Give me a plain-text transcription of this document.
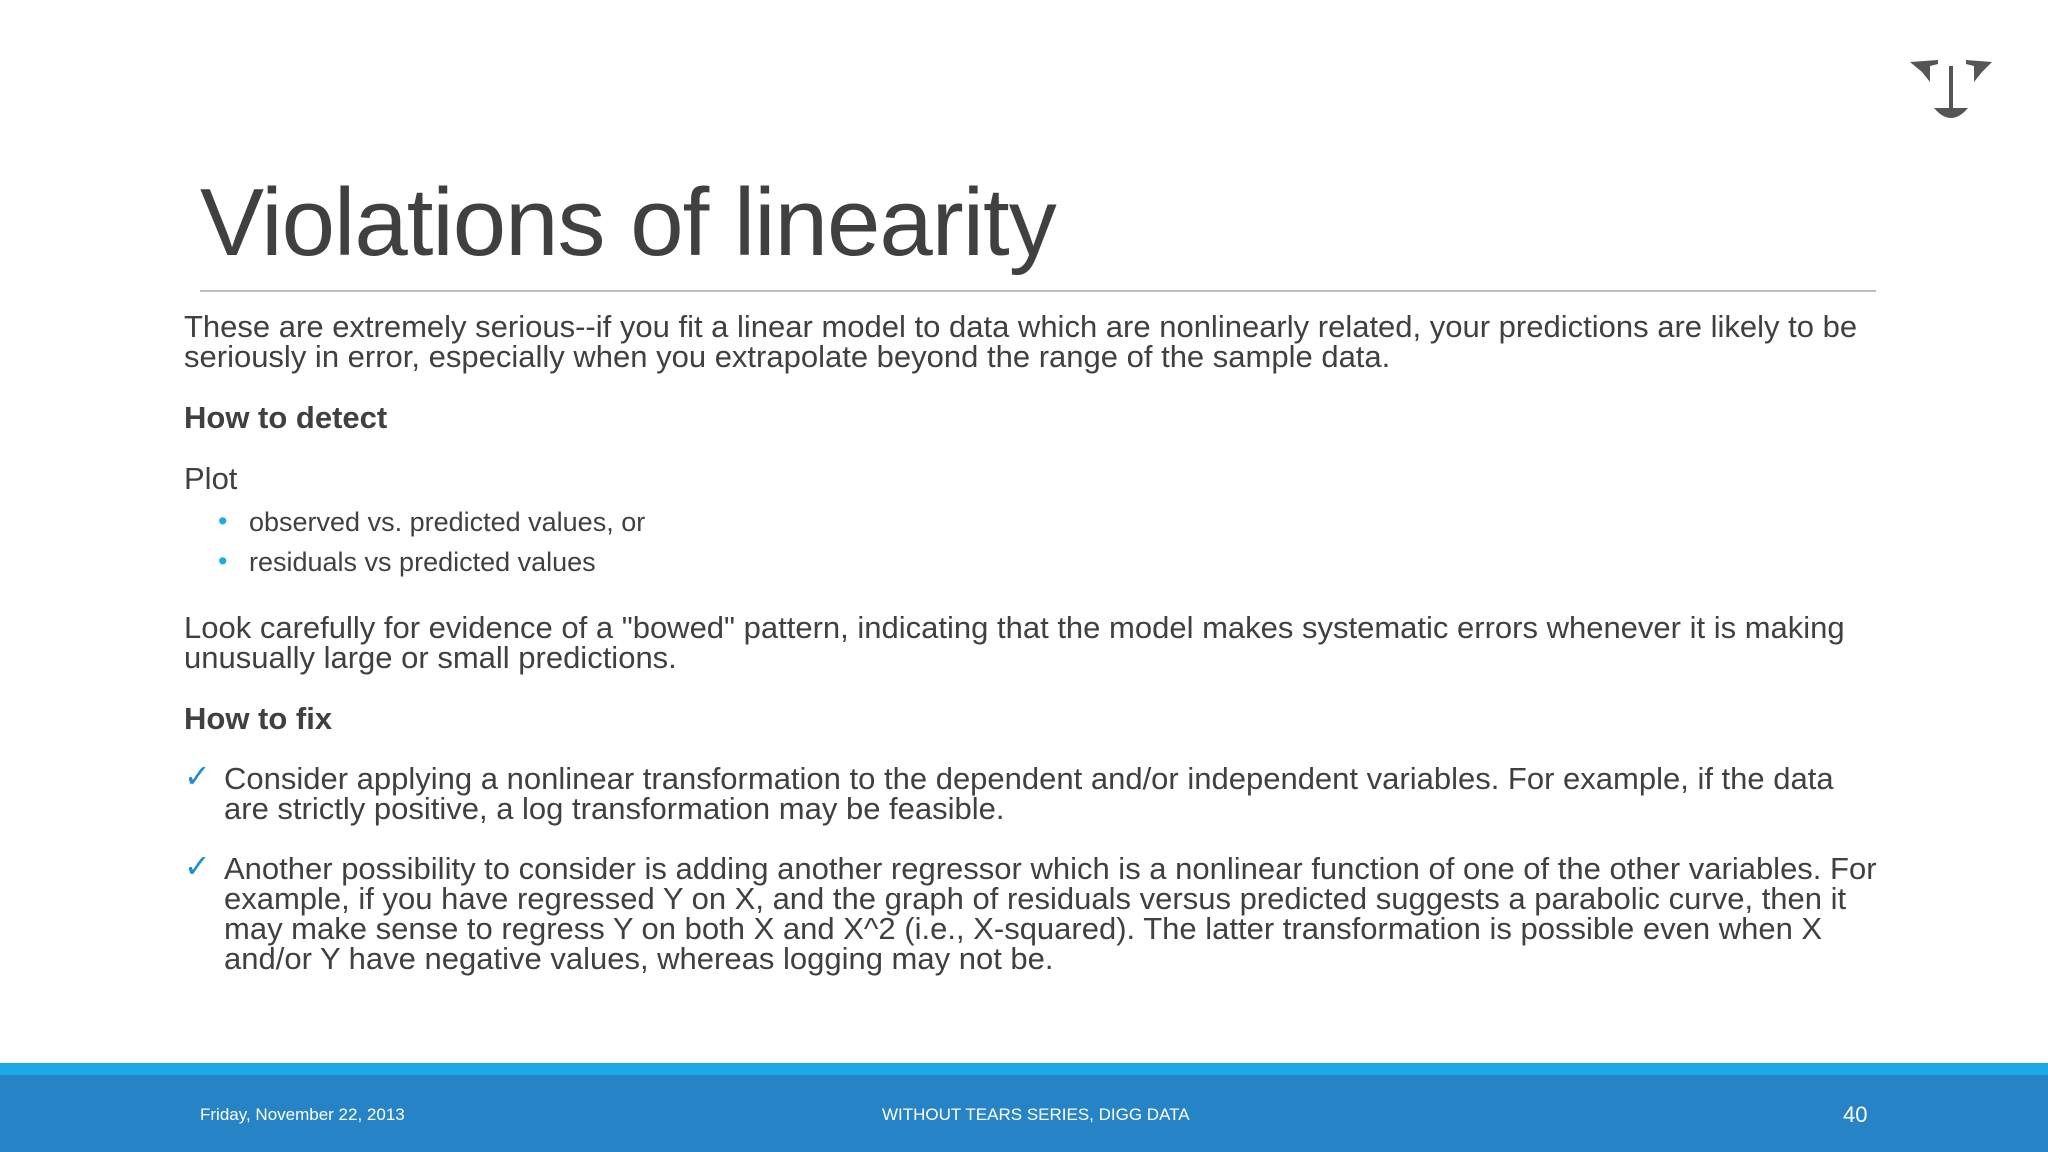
Violations of linearity

These are extremely serious--if you fit a linear model to data which are nonlinearly related, your predictions are likely to be seriously in error, especially when you extrapolate beyond the range of the sample data.

How to detect

Plot

• observed vs. predicted values, or
• residuals vs predicted values

Look carefully for evidence of a "bowed" pattern, indicating that the model makes systematic errors whenever it is making unusually large or small predictions.

How to fix

✓ Consider applying a nonlinear transformation to the dependent and/or independent variables. For example, if the data are strictly positive, a log transformation may be feasible.
✓ Another possibility to consider is adding another regressor which is a nonlinear function of one of the other variables. For example, if you have regressed Y on X, and the graph of residuals versus predicted suggests a parabolic curve, then it may make sense to regress Y on both X and X^2 (i.e., X-squared). The latter transformation is possible even when X and/or Y have negative values, whereas logging may not be.
Friday, November 22, 2013	WITHOUT TEARS SERIES, DIGG DATA	40
